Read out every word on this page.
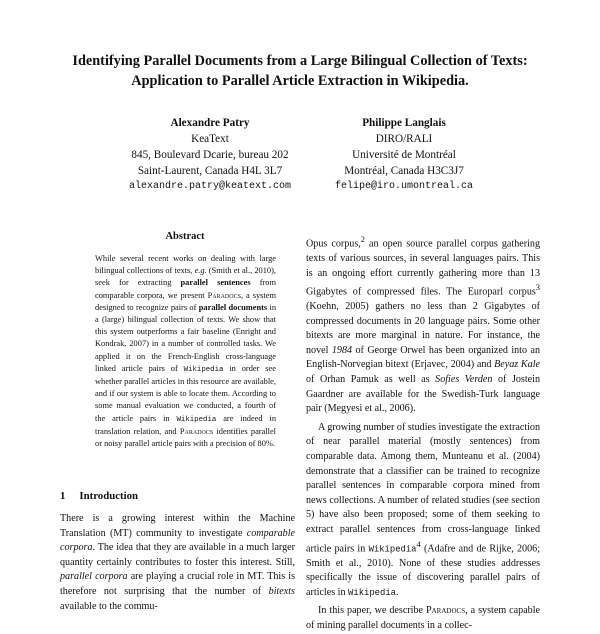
Identifying Parallel Documents from a Large Bilingual Collection of Texts:
Application to Parallel Article Extraction in Wikipedia.
Alexandre Patry
KeaText
845, Boulevard Dcarie, bureau 202
Saint-Laurent, Canada H4L 3L7
alexandre.patry@keatext.com
Philippe Langlais
DIRO/RALI
Université de Montréal
Montréal, Canada H3C3J7
felipe@iro.umontreal.ca
Abstract

While several recent works on dealing with large bilingual collections of texts, e.g. (Smith et al., 2010), seek for extracting parallel sentences from comparable corpora, we present Paradocs, a system designed to recognize pairs of parallel documents in a (large) bilingual collection of texts. We show that this system outperforms a fair baseline (Enright and Kondrak, 2007) in a number of controlled tasks. We applied it on the French-English cross-language linked article pairs of Wikipedia in order see whether parallel articles in this resource are available, and if our system is able to locate them. According to some manual evaluation we conducted, a fourth of the article pairs in Wikipedia are indeed in translation relation, and Paradocs identifies parallel or noisy parallel article pairs with a precision of 80%.

1 Introduction

There is a growing interest within the Machine Translation (MT) community to investigate comparable corpora. The idea that they are available in a much larger quantity certainly contributes to foster this interest. Still, parallel corpora are playing a crucial role in MT. This is therefore not surprising that the number of bitexts available to the commu-

Opus corpus,$^2$ an open source parallel corpus gathering texts of various sources, in several languages pairs. This is an ongoing effort currently gathering more than 13 Gigabytes of compressed files. The Europarl corpus$^3$ (Koehn, 2005) gathers no less than 2 Gigabytes of compressed documents in 20 language pairs. Some other bitexts are more marginal in nature. For instance, the novel 1984 of George Orwel has been organized into an English-Norvegian bitext (Erjavec, 2004) and Beyaz Kale of Orhan Pamuk as well as Sofies Verden of Jostein Gaardner are available for the Swedish-Turk language pair (Megyesi et al., 2006).

A growing number of studies investigate the extraction of near parallel material (mostly sentences) from comparable data. Among them, Munteanu et al. (2004) demonstrate that a classifier can be trained to recognize parallel sentences in comparable corpora mined from news collections. A number of related studies (see section 5) have also been proposed; some of them seeking to extract parallel sentences from cross-language linked article pairs in Wikipedia$^4$ (Adafre and de Rijke, 2006; Smith et al., 2010). None of these studies addresses specifically the issue of discovering parallel pairs of articles in Wikipedia.

In this paper, we describe Paradocs, a system capable of mining parallel documents in a collec-
